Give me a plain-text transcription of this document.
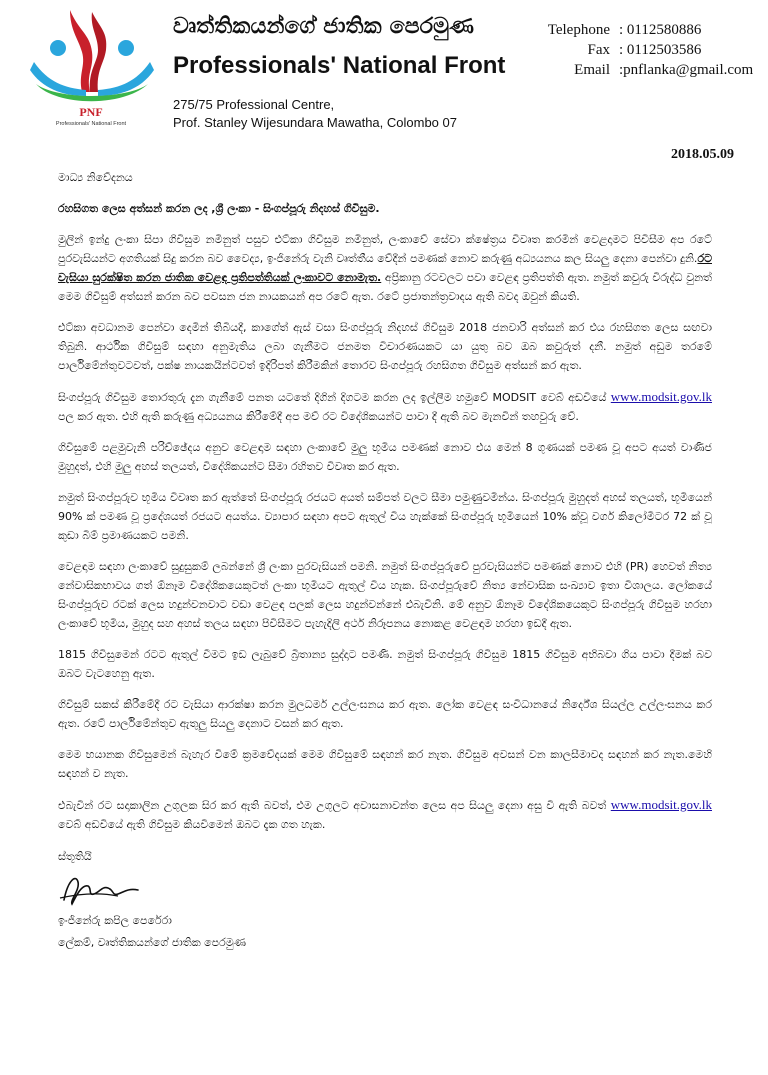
PNF
Professionals' National Front
වෘත්තිකයන්ගේ ජාතික පෙරමුණ
Professionals' National Front
275/75 Professional Centre,
Prof. Stanley Wijesundara Mawatha, Colombo 07
Telephone : 0112580886
Fax : 0112503586
Email :pnflanka@gmail.com
2018.05.09

මාධ්‍ය නිවේදනය

රහසිගත ලෙස අත්සන් කරන ලද ,ශ්‍රී ලංකා - සිංගප්පූරු නිදහස් ගිවිසුම.

මුලින් ඉන්දු ලංකා සිපා ගිවිසුම නමිනුත් පසුව එට්කා ගිවිසුම නමිනුත්, ලංකාවේ සේවා ක්ෂේත්‍රය විවෘත කරමින් වෙළදාමට පිවිසීම අප රටේ පුරවැසියන්ට අගතියක් සිදු කරන බව වෛද්‍ය, ඉංජිනේරු වැනි වෘත්තීය වේදීන් පමණක් නොව කරුණු අධ්‍යයනය කල සියලු දෙනා පෙන්වා දුනි.රට වැසියා සුරක්ෂිත කරන ජාතික වෙළඳ ප්‍රතිපත්තියක් ලංකාවට නොමැත. අප්‍රිකානු රටවලට පවා වෙළඳ ප්‍රතිපත්ති ඇත. නමුත් කවුරු විරුද්ධ වුනත් මෙම ගිවිසුම් අත්සන් කරන බව පවසන ජන නායකයන් අප රටේ ඇත. රටේ ප්‍රජාතන්ත්‍රවාදය ඇති බවද ඔවුන් කියති.

එට්කා අවධානම පෙන්වා දෙමින් තිබියදී, කාගේත් ඇස් වසා සිංගප්පූරු නිදහස් ගිවිසුම 2018 ජනවාරි අත්සන් කර එය රහසිගත ලෙස සඟවා තිබුනි. ආර්ථික ගිවිසුම් සඳහා අනුමැතිය ලබා ගැනීමට ජනමත විචාරණයකට යා යුතු බව ඔබ කවුරුත් දනී. නමුත් අඩුම තරමේ පාර්ලිමේන්තුවටවත්, පක්ෂ නායකයින්ටවත් ඉදිරිපත් කිරීමකින් තොරව සිංගප්පූරු රහසිගත ගිවිසුම අත්සන් කර ඇත.

සිංගප්පූරු ගිවිසුම තොරතුරු දැන ගැනීමේ පනත යටතේ දිගින් දිගටම කරන ලද ඉල්ලීම හමුවේ MODSIT වෙබ් අඩවියේ www.modsit.gov.lk පල කර ඇත. එහි ඇති කරුණු අධ්‍යයනය කිරීමේදී අප මව් රට විදේශිකයන්ට පාවා දී ඇති බව මැනවින් තහවුරු වේ.

ගිවිසුමේ පළමුවැනි පරිච්ඡේදය අනුව වෙළඳාම සඳහා ලංකාවේ මුලු භූමිය පමණක් නොව එය මෙන් 8 ගුණයක් පමණ වූ අපට අයත් වාණිජ මුහුදත්, එහි මුලු අහස් තලයත්, විදේශිකයන්ට සීමා රහිතව විවෘත කර ඇත.

නමුත් සිංගප්පූරුව භූමිය විවෘත කර ඇත්තේ සිංගප්පූරු රජයට අයත් සම්පත් වලට සීමා පමුණුවමින්ය. සිංගප්පූරු මුහුදත් අහස් තලයත්, භූමියෙන් 90% ක් පමණ වූ ප්‍රදේශයත් රජයට අයත්ය. ව්‍යාපාර සඳහා අපට ඇතුල් විය හැක්කේ සිංගප්පූරු භූමියෙන් 10% ක්වූ වර්ග කිලෝමීටර 72 ක් වූ කුඩා බිම් ප්‍රමාණයකට පමනි.

වෙළඳාම සඳහා ලංකාවේ සුදුසුකම් ලබන්නේ ශ්‍රී ලංකා පුරවැසියන් පමනි. නමුත් සිංගප්පූරුවේ පුරවැසියන්ට පමණක් නොව එහි (PR) හෙවත් නිත්‍ය නේවාසිකභාවය ගත් ඕනෑම විදේශිකයෙකුටත් ලංකා භූමියට ඇතුල් විය හැක. සිංගප්පූරුවේ නිත්‍ය නේවාසික සංඛ්‍යාව ඉතා විශාලය. ලෝකයේ සිංගප්පූරුව රටක් ලෙස හදුන්වනවාට වඩා වෙළඳ පලක් ලෙස හදුන්වන්නේ එබැවිනි. මේ අනුව ඕනෑම විදේශිකයෙකුට සිංගප්පූරු ගිවිසුම හරහා ලංකාවේ භූමිය, මුහුද සහ අහස් තලය සඳහා පිවිසීමට පැහැදිලි අර්ථ නිරූපනය නොකළ වෙළඳාම හරහා ඉඩදී ඇත.

1815 ගිවිසුමෙන් රටට ඇතුල් වීමට ඉඩ ලැබුවේ බ්‍රිතාන්‍ය සුද්දාට පමණි. නමුත් සිංගප්පූරු ගිවිසුම 1815 ගිවිසුම අභිබවා ගිය පාවා දීමක් බව ඔබට වැටහෙනු ඇත.

ගිවිසුම් සකස් කිරීමේදී රට වැසියා ආරක්ෂා කරන මුලධර්ම උල්ලංඝනය කර ඇත. ලෝක වෙළඳ සංවිධානයේ නිර්දේශ සියල්ල උල්ලංඝනය කර ඇත. රටේ පාර්ලිමේන්තුව ඇතුලු සියලු දෙනාට වසන් කර ඇත.

මෙම භයානක ගිවිසුමෙන් බැහැර වීමේ ක්‍රමවේදයක් මෙම ගිවිසුමේ සඳහන් කර නැත. ගිවිසුම අවසන් වන කාලසීමාවද සඳහන් කර නැත.මෙහි සඳහන් ව නැත.

එබැවින් රට සදාකාලින උගුලක සිර කර ඇති බවත්, එම උගුලට අවාසනාවන්ත ලෙස අප සියලු දෙනා අසු වී ඇති බවත් www.modsit.gov.lk වෙබ් අඩවියේ ඇති ගිවිසුම කියවීමෙන් ඔබට දැක ගත හැක.

ස්තූතියි

ඉංජිනේරු කපිල පෙරේරා

ලේකම්, වෘත්තිකයන්ගේ ජාතික පෙරමුණ
